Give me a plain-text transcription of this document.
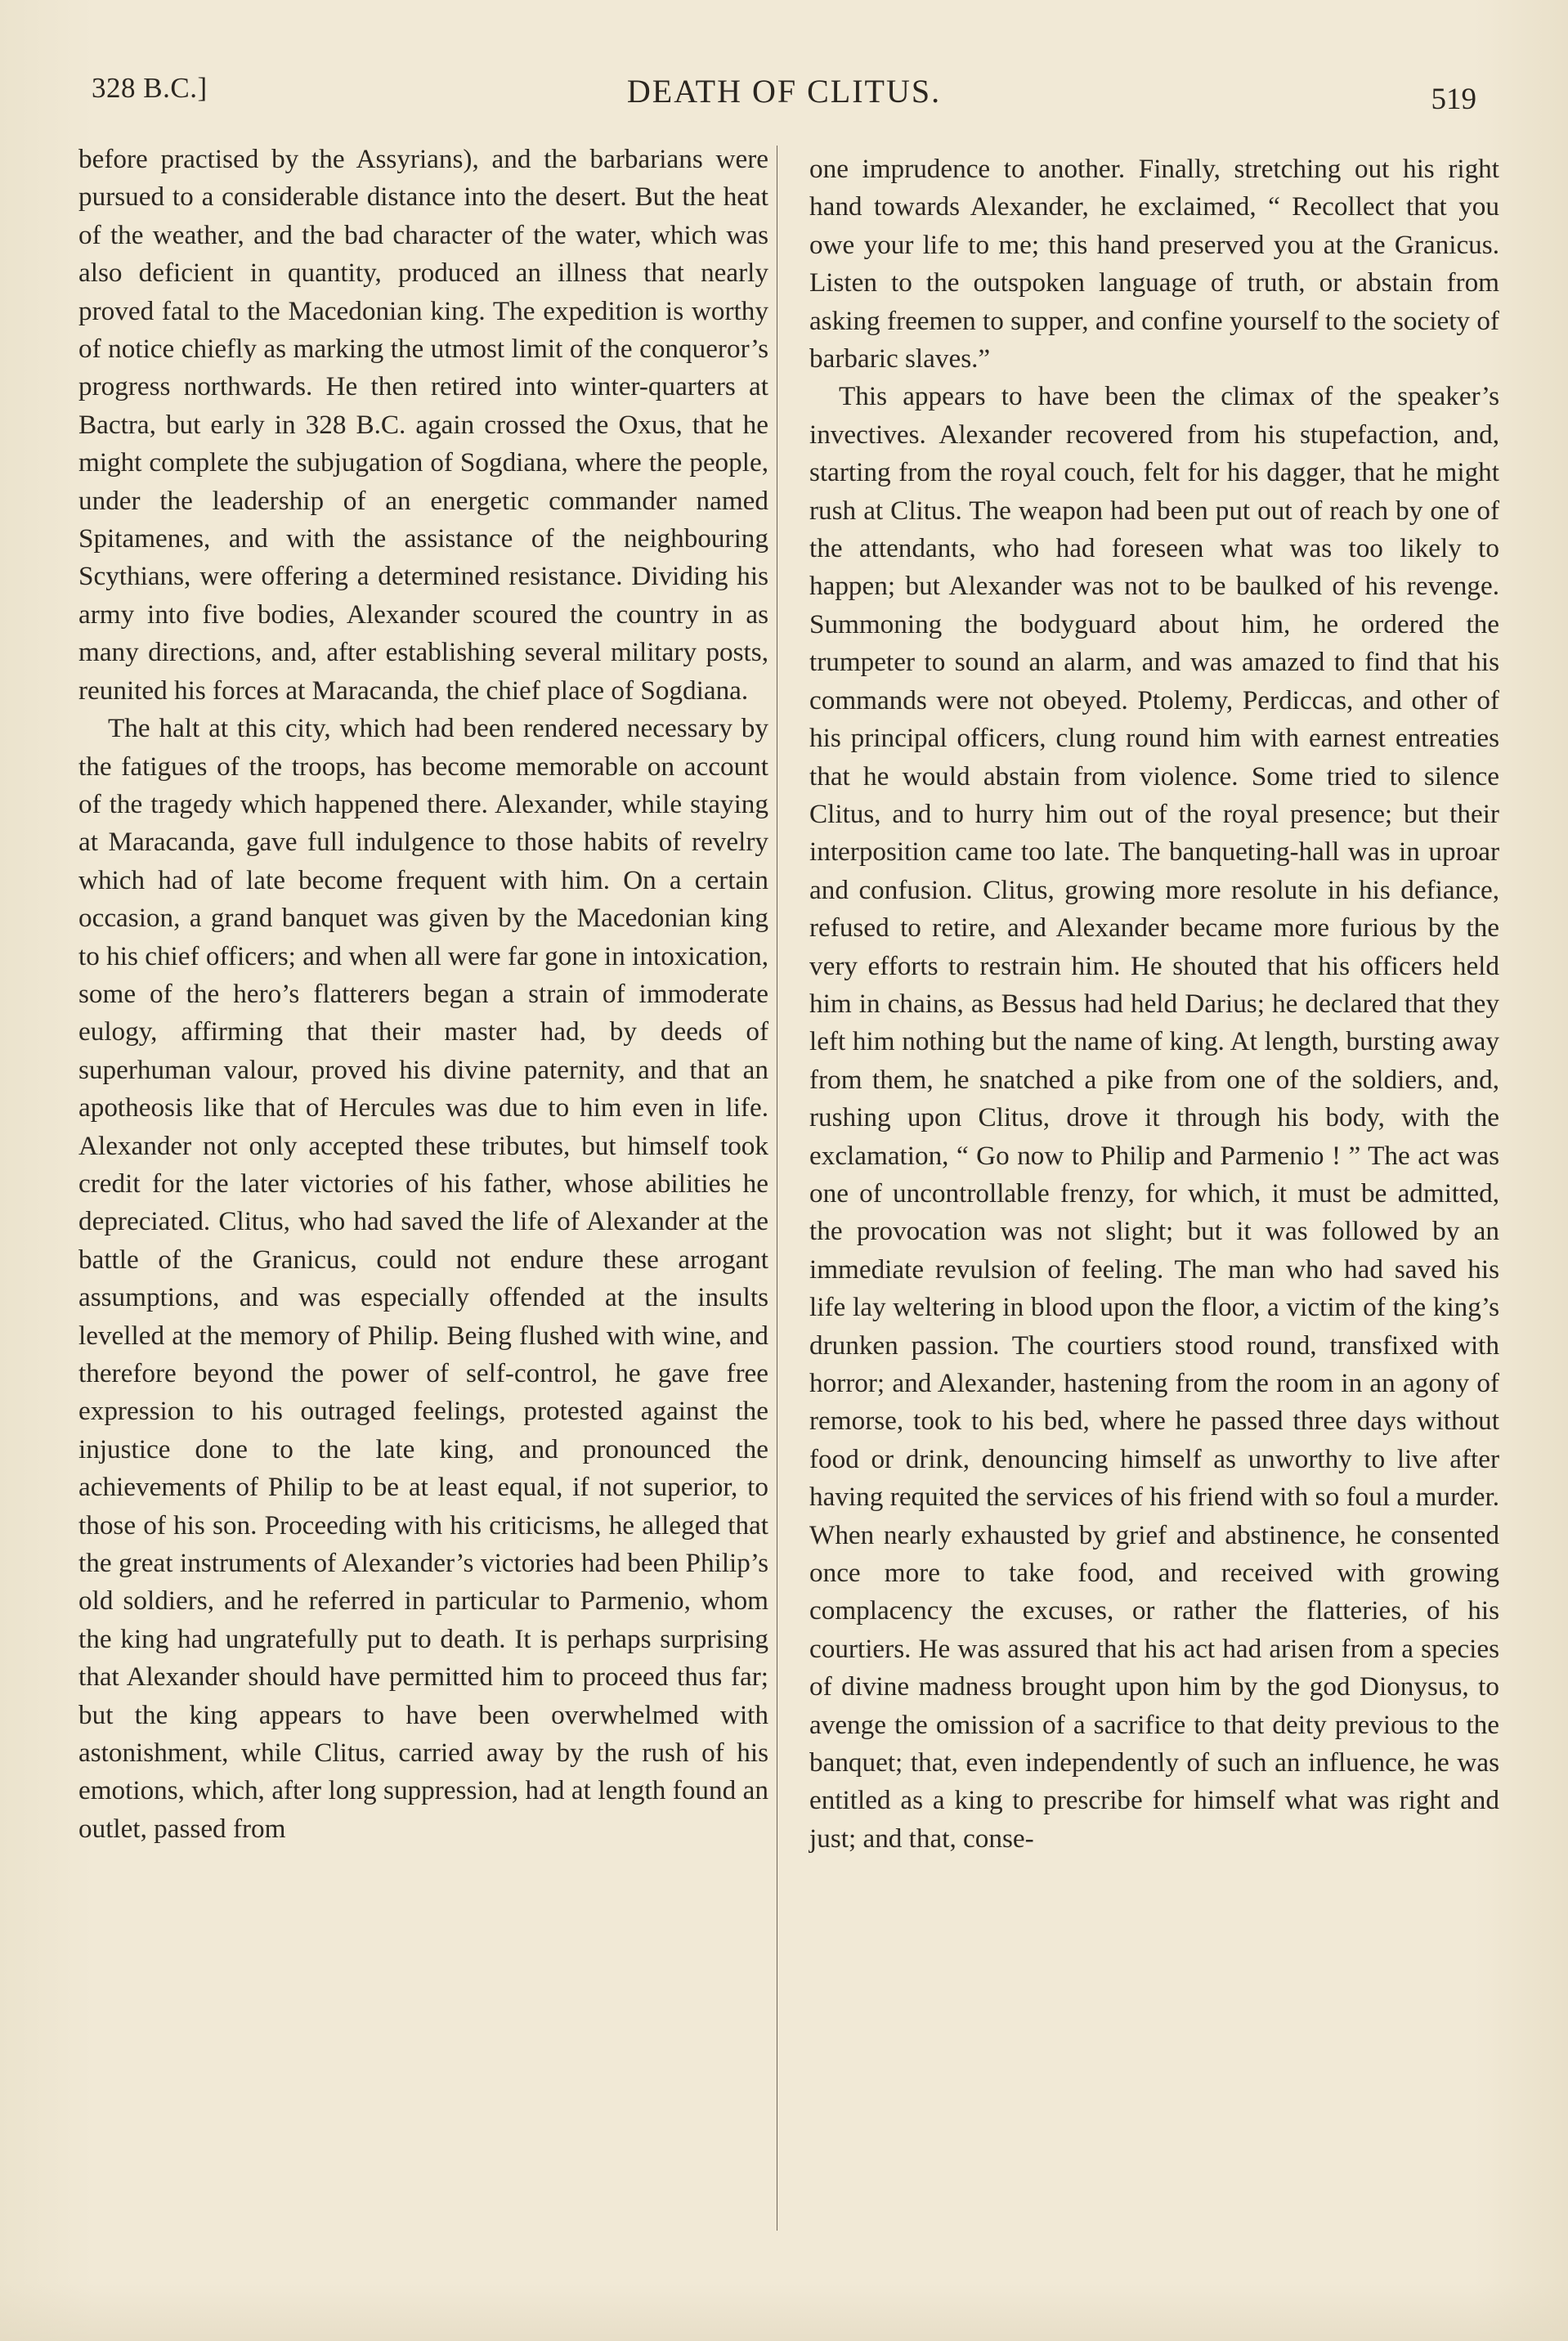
328 B.C.]	DEATH OF CLITUS.	519

before practised by the Assyrians), and the barbarians were pursued to a considerable distance into the desert. But the heat of the weather, and the bad character of the water, which was also deficient in quantity, produced an illness that nearly proved fatal to the Macedonian king. The expedition is worthy of notice chiefly as marking the utmost limit of the conqueror’s progress northwards. He then retired into winter-quarters at Bactra, but early in 328 B.C. again crossed the Oxus, that he might complete the subjugation of Sogdiana, where the people, under the leadership of an energetic commander named Spitamenes, and with the assistance of the neighbouring Scythians, were offering a determined resistance. Dividing his army into five bodies, Alexander scoured the country in as many directions, and, after establishing several military posts, reunited his forces at Maracanda, the chief place of Sogdiana.

The halt at this city, which had been rendered necessary by the fatigues of the troops, has become memorable on account of the tragedy which happened there. Alexander, while staying at Maracanda, gave full indulgence to those habits of revelry which had of late become frequent with him. On a certain occasion, a grand banquet was given by the Macedonian king to his chief officers; and when all were far gone in intoxication, some of the hero’s flatterers began a strain of immoderate eulogy, affirming that their master had, by deeds of superhuman valour, proved his divine paternity, and that an apotheosis like that of Hercules was due to him even in life. Alexander not only accepted these tributes, but himself took credit for the later victories of his father, whose abilities he depreciated. Clitus, who had saved the life of Alexander at the battle of the Granicus, could not endure these arrogant assumptions, and was especially offended at the insults levelled at the memory of Philip. Being flushed with wine, and therefore beyond the power of self-control, he gave free expression to his outraged feelings, protested against the injustice done to the late king, and pronounced the achievements of Philip to be at least equal, if not superior, to those of his son. Proceeding with his criticisms, he alleged that the great instruments of Alexander’s victories had been Philip’s old soldiers, and he referred in particular to Parmenio, whom the king had ungratefully put to death. It is perhaps surprising that Alexander should have permitted him to proceed thus far; but the king appears to have been overwhelmed with astonishment, while Clitus, carried away by the rush of his emotions, which, after long suppression, had at length found an outlet, passed from

one imprudence to another. Finally, stretching out his right hand towards Alexander, he exclaimed, “ Recollect that you owe your life to me; this hand preserved you at the Granicus. Listen to the outspoken language of truth, or abstain from asking freemen to supper, and confine yourself to the society of barbaric slaves.”

This appears to have been the climax of the speaker’s invectives. Alexander recovered from his stupefaction, and, starting from the royal couch, felt for his dagger, that he might rush at Clitus. The weapon had been put out of reach by one of the attendants, who had foreseen what was too likely to happen; but Alexander was not to be baulked of his revenge. Summoning the bodyguard about him, he ordered the trumpeter to sound an alarm, and was amazed to find that his commands were not obeyed. Ptolemy, Perdiccas, and other of his principal officers, clung round him with earnest entreaties that he would abstain from violence. Some tried to silence Clitus, and to hurry him out of the royal presence; but their interposition came too late. The banqueting-hall was in uproar and confusion. Clitus, growing more resolute in his defiance, refused to retire, and Alexander became more furious by the very efforts to restrain him. He shouted that his officers held him in chains, as Bessus had held Darius; he declared that they left him nothing but the name of king. At length, bursting away from them, he snatched a pike from one of the soldiers, and, rushing upon Clitus, drove it through his body, with the exclamation, “ Go now to Philip and Parmenio ! ” The act was one of uncontrollable frenzy, for which, it must be admitted, the provocation was not slight; but it was followed by an immediate revulsion of feeling. The man who had saved his life lay weltering in blood upon the floor, a victim of the king’s drunken passion. The courtiers stood round, transfixed with horror; and Alexander, hastening from the room in an agony of remorse, took to his bed, where he passed three days without food or drink, denouncing himself as unworthy to live after having requited the services of his friend with so foul a murder. When nearly exhausted by grief and abstinence, he consented once more to take food, and received with growing complacency the excuses, or rather the flatteries, of his courtiers. He was assured that his act had arisen from a species of divine madness brought upon him by the god Dionysus, to avenge the omission of a sacrifice to that deity previous to the banquet; that, even independently of such an influence, he was entitled as a king to prescribe for himself what was right and just; and that, conse-
